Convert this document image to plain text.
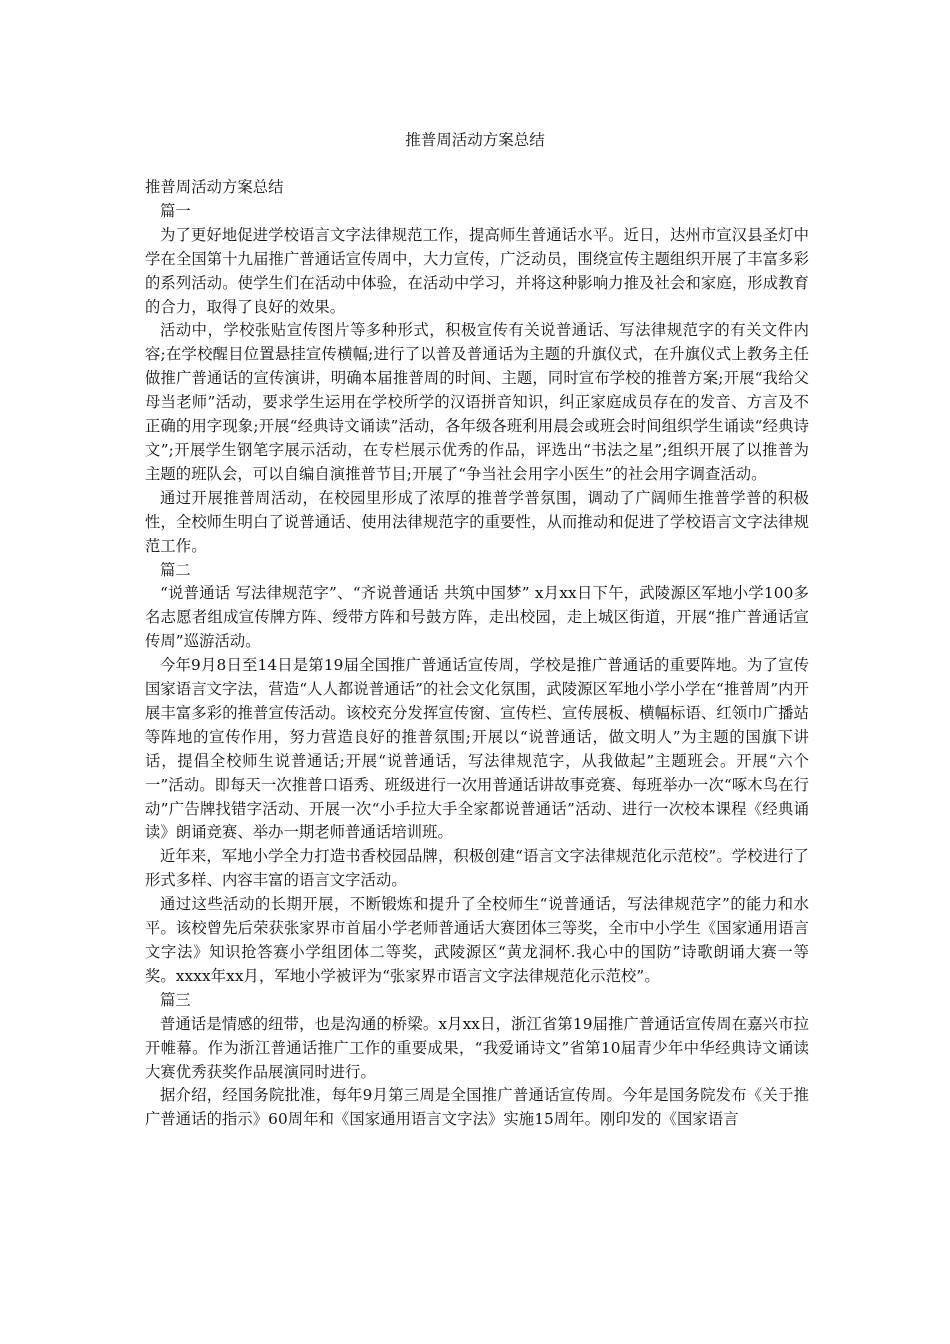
推普周活动方案总结

推普周活动方案总结

篇一

为了更好地促进学校语言文字法律规范工作，提高师生普通话水平。近日，达州市宣汉县圣灯中学在全国第十九届推广普通话宣传周中，大力宣传，广泛动员，围绕宣传主题组织开展了丰富多彩的系列活动。使学生们在活动中体验，在活动中学习，并将这种影响力推及社会和家庭，形成教育的合力，取得了良好的效果。

活动中，学校张贴宣传图片等多种形式，积极宣传有关说普通话、写法律规范字的有关文件内容;在学校醒目位置悬挂宣传横幅;进行了以普及普通话为主题的升旗仪式，在升旗仪式上教务主任做推广普通话的宣传演讲，明确本届推普周的时间、主题，同时宣布学校的推普方案;开展“我给父母当老师”活动，要求学生运用在学校所学的汉语拼音知识，纠正家庭成员存在的发音、方言及不正确的用字现象;开展“经典诗文诵读”活动，各年级各班利用晨会或班会时间组织学生诵读“经典诗文”;开展学生钢笔字展示活动，在专栏展示优秀的作品，评选出“书法之星”;组织开展了以推普为主题的班队会，可以自编自演推普节目;开展了“争当社会用字小医生”的社会用字调查活动。

通过开展推普周活动，在校园里形成了浓厚的推普学普氛围，调动了广阔师生推普学普的积极性，全校师生明白了说普通话、使用法律规范字的重要性，从而推动和促进了学校语言文字法律规范工作。

篇二

“说普通话 写法律规范字”、“齐说普通话 共筑中国梦” x月xx日下午，武陵源区军地小学100多名志愿者组成宣传牌方阵、绶带方阵和号鼓方阵，走出校园，走上城区街道，开展“推广普通话宣传周”巡游活动。

今年9月8日至14日是第19届全国推广普通话宣传周，学校是推广普通话的重要阵地。为了宣传国家语言文字法，营造“人人都说普通话”的社会文化氛围，武陵源区军地小学小学在“推普周”内开展丰富多彩的推普宣传活动。该校充分发挥宣传窗、宣传栏、宣传展板、横幅标语、红领巾广播站等阵地的宣传作用，努力营造良好的推普氛围;开展以“说普通话，做文明人”为主题的国旗下讲话，提倡全校师生说普通话;开展“说普通话，写法律规范字，从我做起”主题班会。开展“六个一”活动。即每天一次推普口语秀、班级进行一次用普通话讲故事竞赛、每班举办一次“啄木鸟在行动”广告牌找错字活动、开展一次“小手拉大手全家都说普通话”活动、进行一次校本课程《经典诵读》朗诵竞赛、举办一期老师普通话培训班。

近年来，军地小学全力打造书香校园品牌，积极创建“语言文字法律规范化示范校”。学校进行了形式多样、内容丰富的语言文字活动。

通过这些活动的长期开展，不断锻炼和提升了全校师生“说普通话，写法律规范字”的能力和水平。该校曾先后荣获张家界市首届小学老师普通话大赛团体三等奖，全市中小学生《国家通用语言文字法》知识抢答赛小学组团体二等奖，武陵源区“黄龙洞杯.我心中的国防”诗歌朗诵大赛一等奖。xxxx年xx月，军地小学被评为“张家界市语言文字法律规范化示范校”。

篇三

普通话是情感的纽带，也是沟通的桥梁。x月xx日，浙江省第19届推广普通话宣传周在嘉兴市拉开帷幕。作为浙江普通话推广工作的重要成果，“我爱诵诗文”省第10届青少年中华经典诗文诵读大赛优秀获奖作品展演同时进行。

据介绍，经国务院批准，每年9月第三周是全国推广普通话宣传周。今年是国务院发布《关于推广普通话的指示》60周年和《国家通用语言文字法》实施15周年。刚印发的《国家语言
